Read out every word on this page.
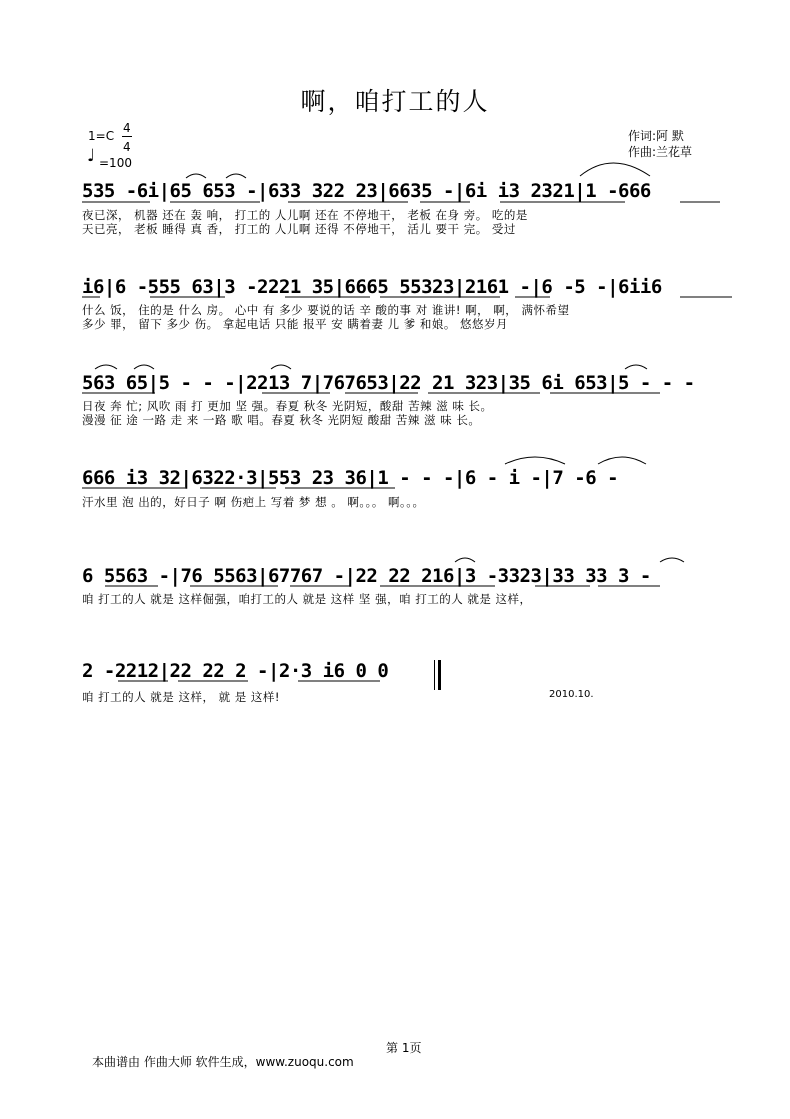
啊，咱打工的人
1=C
4
4
♩ =100
作词:阿 默
作曲:兰花草
535 -6i|65 653 -|633 322 23|6635 -|6i i3 2321|1 -666
夜已深， 机器 还在 轰 响， 打工的 人儿啊 还在 不停地干， 老板 在身 旁。 吃的是
天已亮， 老板 睡得 真 香， 打工的 人儿啊 还得 不停地干， 活儿 要干 完。 受过
i6|6 -555 63|3 -2221 35|6665 55323|2161 -|6 -5 -|6ii6
什么 饭， 住的是 什么 房。 心中 有 多少 要说的话 辛 酸的事 对 谁讲! 啊， 啊， 满怀希望
多少 罪， 留下 多少 伤。 拿起电话 只能 报平 安 瞒着妻 儿 爹 和娘。 悠悠岁月
563 65|5 - - -|2213 7|767653|22 21 323|35 6i 653|5 - - -
日夜 奔 忙; 风吹 雨 打 更加 坚 强。春夏 秋冬 光阴短，酸甜 苦辣 滋 味 长。
漫漫 征 途 一路 走 来 一路 歌 唱。春夏 秋冬 光阴短 酸甜 苦辣 滋 味 长。
666 i3 32|6322·3|553 23 36|1 - - -|6 - i -|7 -6 -
汗水里 泡 出的，好日子 啊 伤疤上 写着 梦 想 。 啊。。。 啊。。。
6 5563 -|76 5563|67767 -|22 22 216|3 -3323|33 33 3 -
咱 打工的人 就是 这样倔强，咱打工的人 就是 这样 坚 强，咱 打工的人 就是 这样，
2 -2212|22 22 2 -|2·3 i6 0 0
咱 打工的人 就是 这样， 就 是 这样!	2010.10.
第 1页
本曲谱由 作曲大师 软件生成，www.zuoqu.com
